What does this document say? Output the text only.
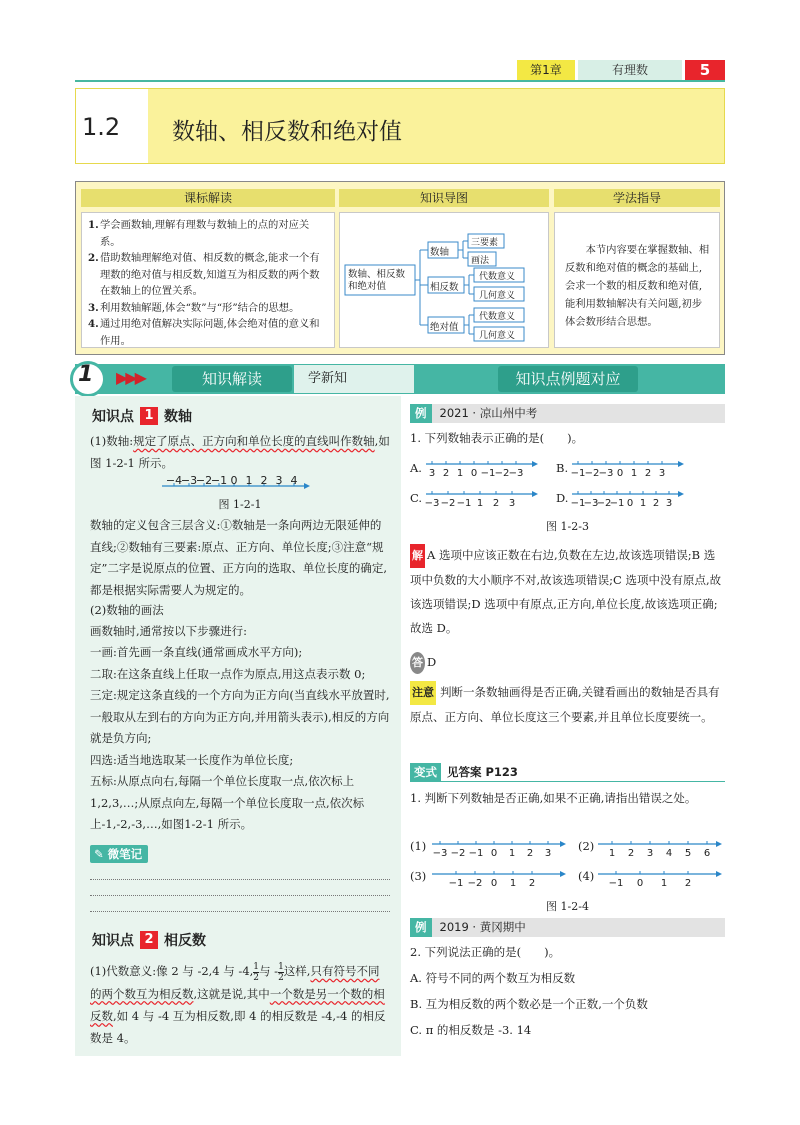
第1章	有理数	5
1.2 数轴、相反数和绝对值
课标解读	知识导图	学法指导
1. 学会画数轴,理解有理数与数轴上的点的对应关系。
2. 借助数轴理解绝对值、相反数的概念,能求一个有理数的绝对值与相反数,知道互为相反数的两个数在数轴上的位置关系。
3. 利用数轴解题,体会“数”与“形”结合的思想。
4. 通过用绝对值解决实际问题,体会绝对值的意义和作用。
数轴、相反数和绝对值
数轴
三要素
画法
相反数
代数意义
几何意义
绝对值
代数意义
几何意义
本节内容要在掌握数轴、相反数和绝对值的概念的基础上,会求一个数的相反数和绝对值,能利用数轴解决有关问题,初步体会数形结合思想。
1 ▶▶▶	知识解读	学新知	知识点例题对应
知识点 1 数轴
(1)数轴:规定了原点、正方向和单位长度的直线叫作数轴,如图 1-2-1 所示。
−4
−3
−2
−1 0 1 2 3 4
图 1-2-1
数轴的定义包含三层含义:①数轴是一条向两边无限延伸的直线;②数轴有三要素:原点、正方向、单位长度;③注意“规定”二字是说原点的位置、正方向的选取、单位长度的确定,都是根据实际需要人为规定的。
(2)数轴的画法
画数轴时,通常按以下步骤进行:
一画:首先画一条直线(通常画成水平方向);
二取:在这条直线上任取一点作为原点,用这点表示数 0;
三定:规定这条直线的一个方向为正方向(当直线水平放置时,一般取从左到右的方向为正方向,并用箭头表示),相反的方向就是负方向;
四选:适当地选取某一长度作为单位长度;
五标:从原点向右,每隔一个单位长度取一点,依次标上1,2,3,…;从原点向左,每隔一个单位长度取一点,依次标上-1,-2,-3,…,如图1-2-1 所示。
✎ 微笔记
知识点 2 相反数
(1)代数意义:像 2 与 -2,4 与 -4, $\frac{1}{2}$与 - $\frac{1}{2}$这样,只有符号不同的两个数互为相反数,这就是说,其中一个数是另一个数的相反数,如 4 与 -4 互为相反数,即 4 的相反数是 -4,-4 的相反数是 4。
例 2021 · 凉山州中考
1. 下列数轴表示正确的是(　　)。
A. 3 2 1 0 −1 −2 −3	B. −1 −2 −3 0 1 2 3
C. −3 −2 −1 1 2 3	D. −1
−3
−2
−1 0 1 2 3
图 1-2-3
解 A 选项中应该正数在右边,负数在左边,故该选项错误;B 选项中负数的大小顺序不对,故该选项错误;C 选项中没有原点,故该选项错误;D 选项中有原点,正方向,单位长度,故该选项正确;故选 D。
答 D
注意 判断一条数轴画得是否正确,关键看画出的数轴是否具有原点、正方向、单位长度这三个要素,并且单位长度要统一。
变式 见答案 P123
1. 判断下列数轴是否正确,如果不正确,请指出错误之处。
(1)
−3 −2 −1 0 1 2 3
(2)
1 2 3 4 5 6
(3)
−1 −2 0 1 2
(4)
−1 0 1 2
图 1-2-4
例 2019 · 黄冈期中
2. 下列说法正确的是(　　)。
A. 符号不同的两个数互为相反数
B. 互为相反数的两个数必是一个正数,一个负数
C. π 的相反数是 -3. 14
